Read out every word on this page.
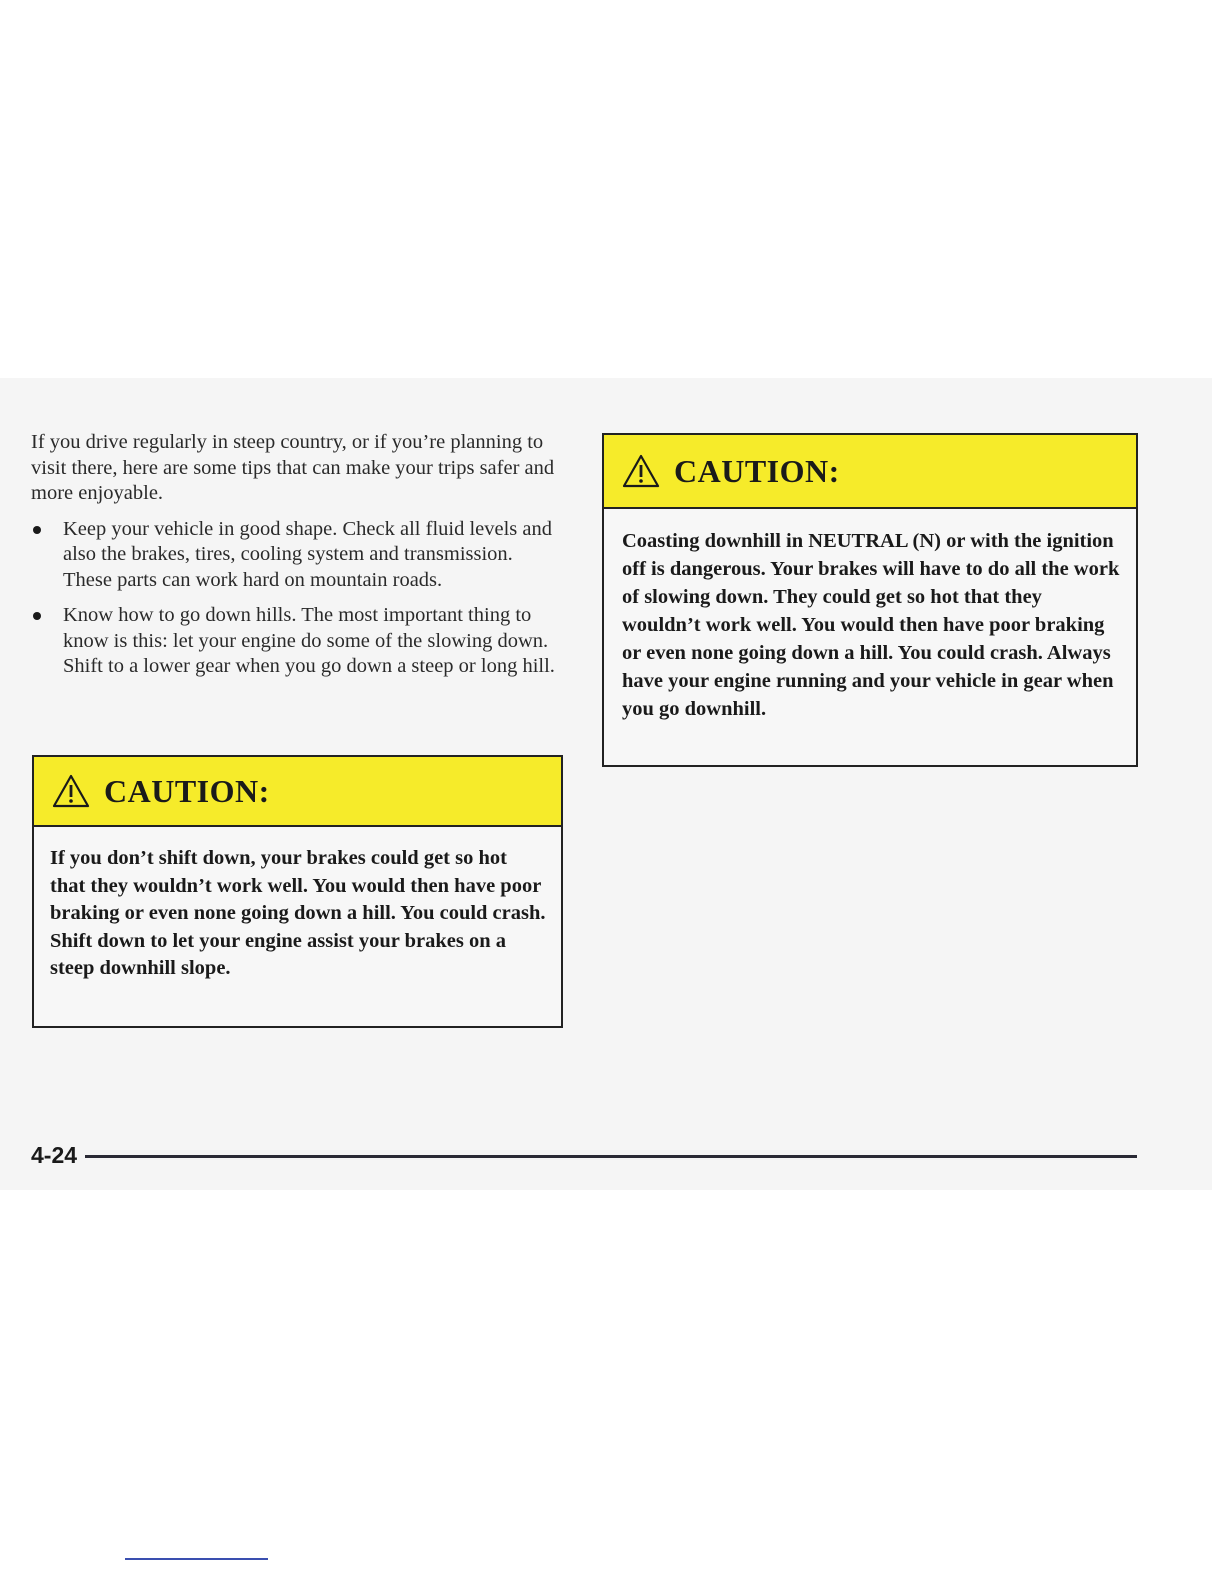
If you drive regularly in steep country, or if you’re planning to visit there, here are some tips that can make your trips safer and more enjoyable.

Keep your vehicle in good shape. Check all fluid levels and also the brakes, tires, cooling system and transmission. These parts can work hard on mountain roads.
Know how to go down hills. The most important thing to know is this: let your engine do some of the slowing down. Shift to a lower gear when you go down a steep or long hill.
CAUTION:

If you don’t shift down, your brakes could get so hot that they wouldn’t work well. You would then have poor braking or even none going down a hill. You could crash. Shift down to let your engine assist your brakes on a steep downhill slope.

CAUTION:

Coasting downhill in NEUTRAL (N) or with the ignition off is dangerous. Your brakes will have to do all the work of slowing down. They could get so hot that they wouldn’t work well. You would then have poor braking or even none going down a hill. You could crash. Always have your engine running and your vehicle in gear when you go downhill.

4-24
